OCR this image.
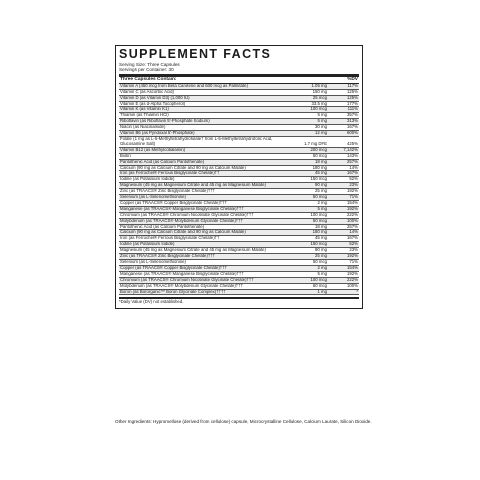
SUPPLEMENT FACTS
Serving Size: Three Capsules
Servings per Container: 30
Three Capsules Contain:	%DV
Vitamin A (450 mcg from Beta Carotene and 600 mcg as Palmitate)	1.05 mg	117%
Vitamin C (as Ascorbic Acid)	150 mg	125%
Vitamin D (as Vitamin D3) (1,000 IU)	25 mcg	125%
Vitamin E (as d-Alpha Tocopherol)	33.5 mg	177%
Vitamin K (as Vitamin K1)	100 mcg	111%
Thiamin (as Thiamin HCl)	5 mg	357%
Riboflavin (as Riboflavin 5'-Phosphate Sodium)	5 mg	313%
Niacin (as Niacinamide)	30 mg	167%
Vitamin B6 (as Pyridoxal 5'-Phosphate)	12 mg	600%
Folate (1 mg as L-5-Methyltetrahydrofolate† from L-5-Methyltetrahydrofolic Acid, Glucosamine Salt)	1.7 mg DFE	425%
Vitamin B12 (as Methylcobalamin)	200 mcg	7,142%
Biotin	50 mcg	143%
Pantothenic Acid (as Calcium Pantothenate)	18 mg	257%
Calcium (90 mg as Calcium Citrate and 90 mg as Calcium Malate)	180 mg	14%
Iron (as Ferrochel® Ferrous Bisglycinate Chelate)††	45 mg	167%
Iodine (as Potassium Iodide)	150 mcg	52%
Magnesium (45 mg as Magnesium Citrate and 45 mg as Magnesium Malate)	90 mg	23%
Zinc (as TRAACS® Zinc Bisglycinate Chelate)†††	25 mg	192%
Selenium (as L-Selenomethionine)	50 mcg	71%
Copper (as TRAACS® Copper Bisglycinate Chelate)†††	2 mg	154%
Manganese (as TRAACS® Manganese Bisglycinate Chelate)†††	5 mg	192%
Chromium (as TRAACS® Chromium Nicotinate Glycinate Chelate)†††	100 mcg	222%
Molybdenum (as TRAACS® Molybdenum Glycinate Chelate)†††	50 mcg	100%
Pantothenic Acid (as Calcium Pantothenate)	18 mg	257%
Calcium (90 mg as Calcium Citrate and 90 mg as Calcium Malate)	180 mg	14%
Iron (as Ferrochel® Ferrous Bisglycinate Chelate)††	45 mg	167%
Iodine (as Potassium Iodide)	150 mcg	52%
Magnesium (45 mg as Magnesium Citrate and 45 mg as Magnesium Malate)	90 mg	23%
Zinc (as TRAACS® Zinc Bisglycinate Chelate)†††	25 mg	192%
Selenium (as L-Selenomethionine)	50 mcg	71%
Copper (as TRAACS® Copper Bisglycinate Chelate)†††	2 mg	154%
Manganese (as TRAACS® Manganese Bisglycinate Chelate)†††	5 mg	192%
Chromium (as TRAACS® Chromium Nicotinate Glycinate Chelate)†††	100 mcg	222%
Molybdenum (as TRAACS® Molybdenum Glycinate Chelate)†††	50 mcg	100%
Boron (as Bororganic™ Boron Glycinate Complex)††††	1 mg	*
*Daily Value (DV) not established.
Other Ingredients: Hypromellose (derived from cellulose) capsule, Microcrystalline Cellulose, Calcium Laurate, Silicon Dioxide.
